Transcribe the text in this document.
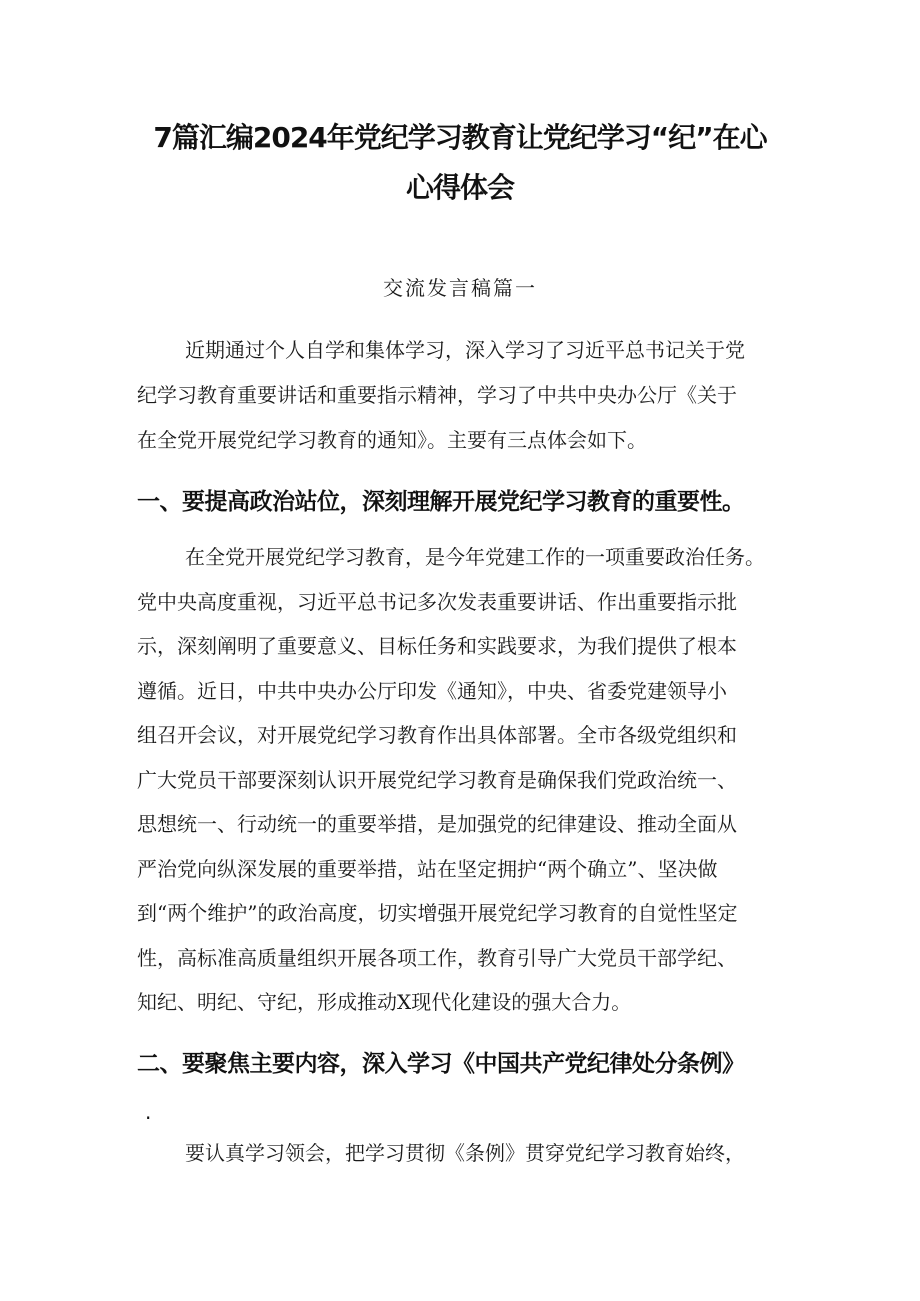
7篇汇编2024年党纪学习教育让党纪学习“纪”在心
心得体会
交流发言稿篇一
近期通过个人自学和集体学习，深入学习了习近平总书记关于党
纪学习教育重要讲话和重要指示精神，学习了中共中央办公厅《关于
在全党开展党纪学习教育的通知》。主要有三点体会如下。
一、要提高政治站位，深刻理解开展党纪学习教育的重要性。
在全党开展党纪学习教育，是今年党建工作的一项重要政治任务。
党中央高度重视，习近平总书记多次发表重要讲话、作出重要指示批
示，深刻阐明了重要意义、目标任务和实践要求，为我们提供了根本
遵循。近日，中共中央办公厅印发《通知》，中央、省委党建领导小
组召开会议，对开展党纪学习教育作出具体部署。全市各级党组织和
广大党员干部要深刻认识开展党纪学习教育是确保我们党政治统一、
思想统一、行动统一的重要举措，是加强党的纪律建设、推动全面从
严治党向纵深发展的重要举措，站在坚定拥护“两个确立”、坚决做
到“两个维护”的政治高度，切实增强开展党纪学习教育的自觉性坚定
性，高标准高质量组织开展各项工作，教育引导广大党员干部学纪、
知纪、明纪、守纪，形成推动X现代化建设的强大合力。
二、要聚焦主要内容，深入学习《中国共产党纪律处分条例》
.
要认真学习领会，把学习贯彻《条例》贯穿党纪学习教育始终，
